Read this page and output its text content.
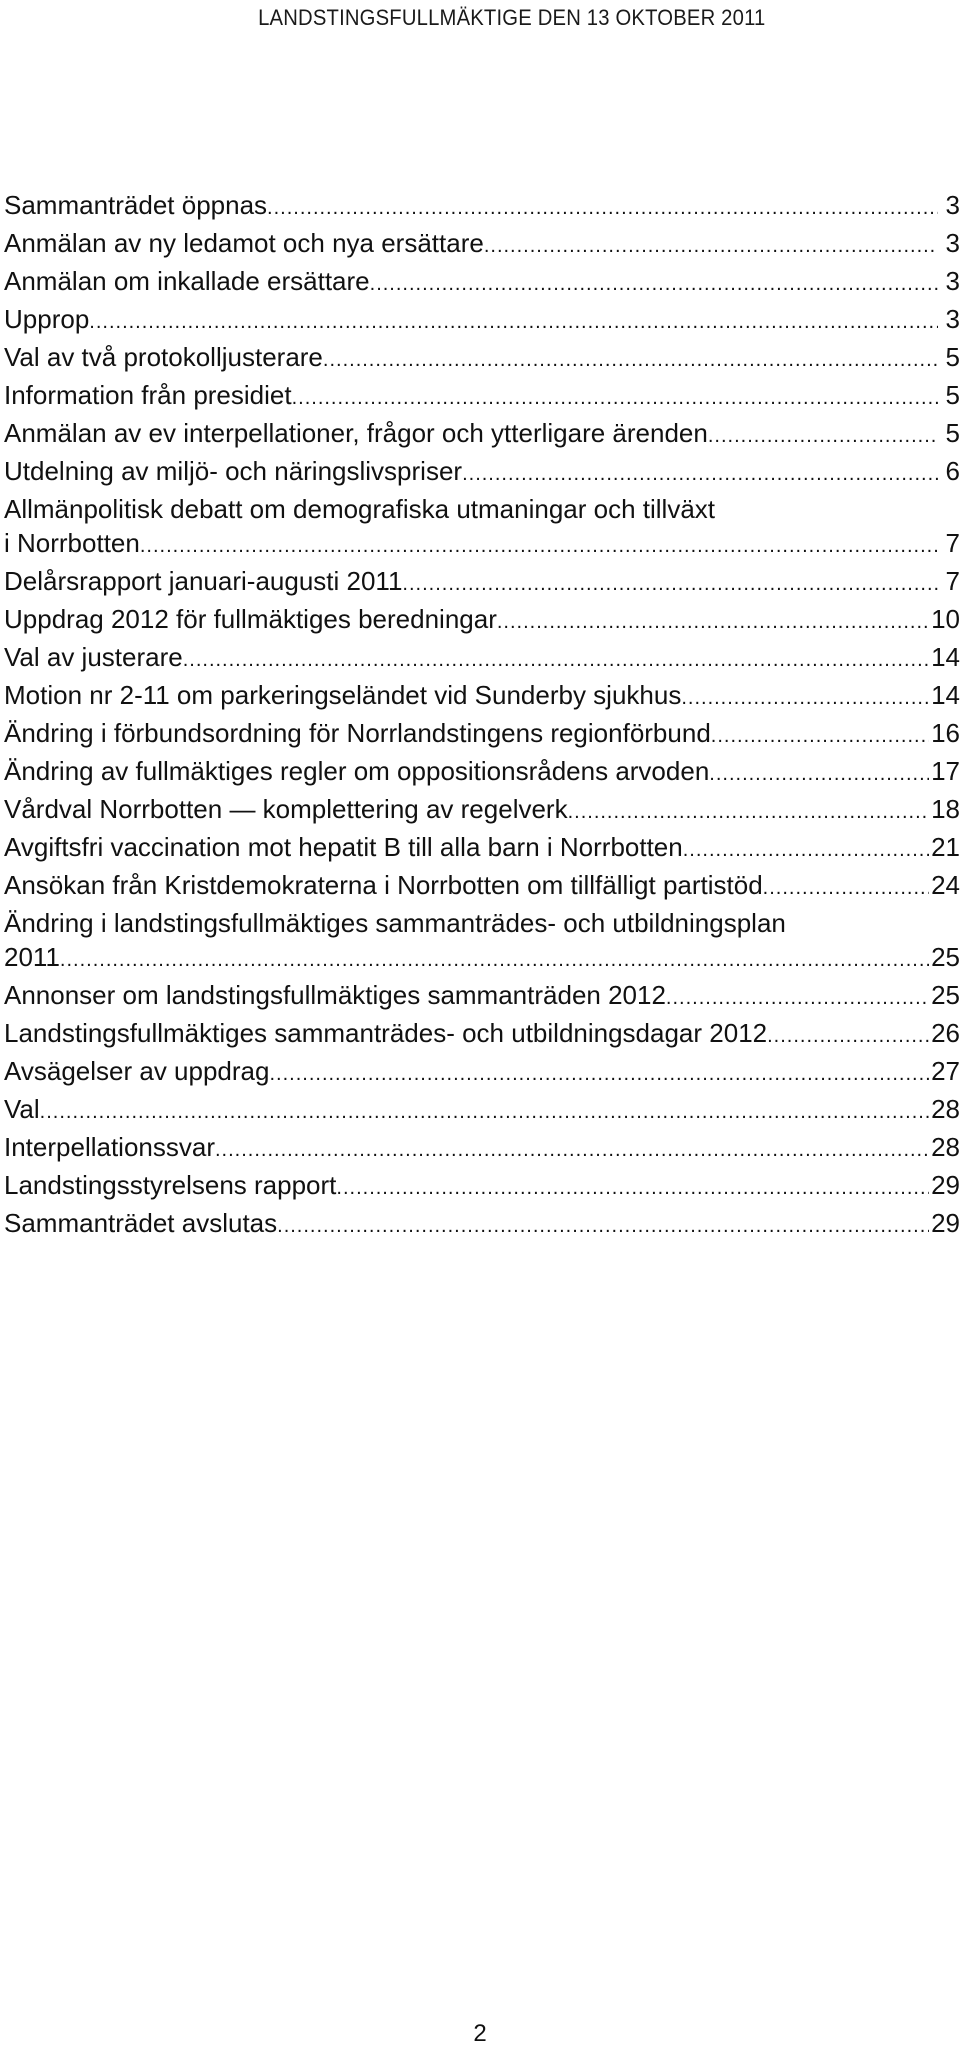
LANDSTINGSFULLMÄKTIGE DEN 13 OKTOBER 2011
Sammanträdet öppnas .....	3
Anmälan av ny ledamot och nya ersättare .....	3
Anmälan om inkallade ersättare .....	3
Upprop .....	3
Val av två protokolljusterare .....	5
Information från presidiet .....	5
Anmälan av ev interpellationer, frågor och ytterligare ärenden .....	5
Utdelning av miljö- och näringslivspriser .....	6
Allmänpolitisk debatt om demografiska utmaningar och tillväxt
i Norrbotten .....	7
Delårsrapport januari-augusti 2011 .....	7
Uppdrag 2012 för fullmäktiges beredningar .....	10
Val av justerare .....	14
Motion nr 2-11 om parkeringseländet vid Sunderby sjukhus .....	14
Ändring i förbundsordning för Norrlandstingens regionförbund .....	16
Ändring av fullmäktiges regler om oppositionsrådens arvoden .....	17
Vårdval Norrbotten — komplettering av regelverk .....	18
Avgiftsfri vaccination mot hepatit B till alla barn i Norrbotten .....	21
Ansökan från Kristdemokraterna i Norrbotten om tillfälligt partistöd .....	24
Ändring i landstingsfullmäktiges sammanträdes- och utbildningsplan
2011 .....	25
Annonser om landstingsfullmäktiges sammanträden 2012 .....	25
Landstingsfullmäktiges sammanträdes- och utbildningsdagar 2012 .....	26
Avsägelser av uppdrag .....	27
Val .....	28
Interpellationssvar .....	28
Landstingsstyrelsens rapport .....	29
Sammanträdet avslutas .....	29
2
